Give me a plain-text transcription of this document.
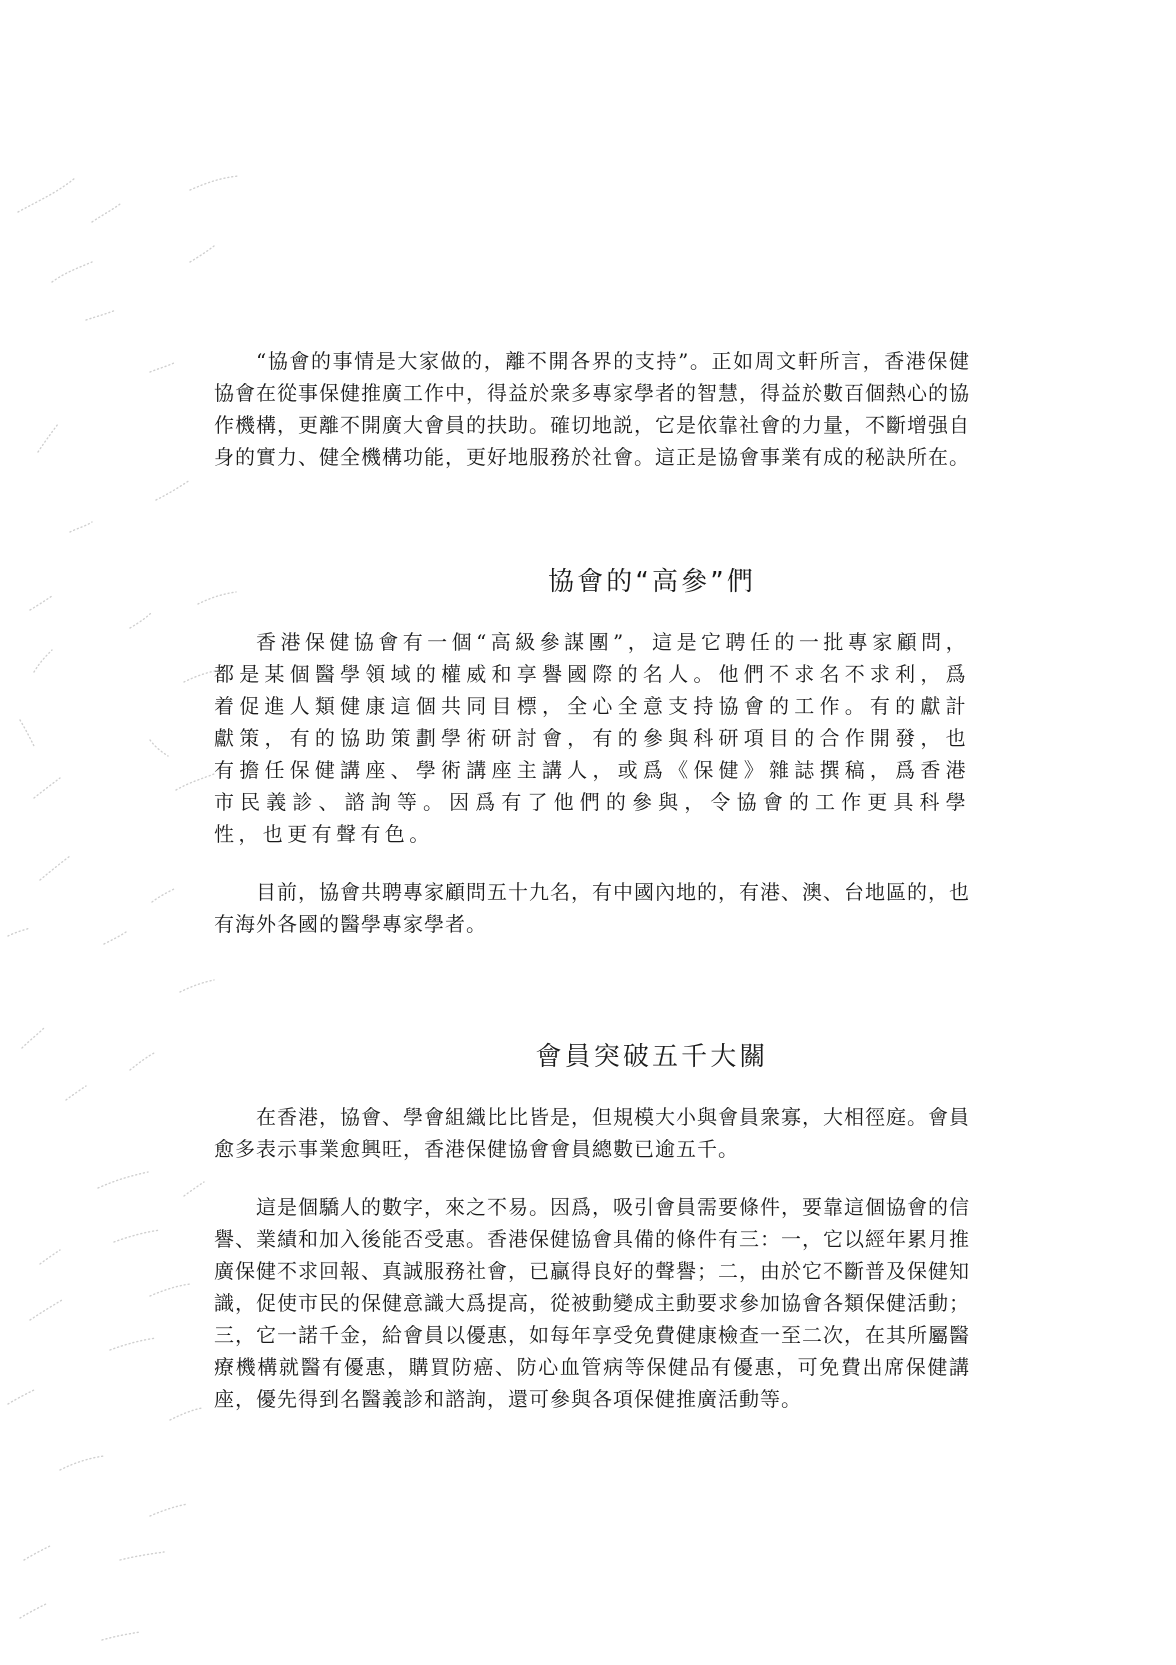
“協會的事情是大家做的，離不開各界的支持”。正如周文軒所言，香港保健協會在從事保健推廣工作中，得益於衆多專家學者的智慧，得益於數百個熱心的協作機構，更離不開廣大會員的扶助。確切地説，它是依靠社會的力量，不斷增强自身的實力、健全機構功能，更好地服務於社會。這正是協會事業有成的秘訣所在。

協會的“高參”們

香港保健協會有一個“高級參謀團”，這是它聘任的一批專家顧問，都是某個醫學領域的權威和享譽國際的名人。他們不求名不求利，爲着促進人類健康這個共同目標，全心全意支持協會的工作。有的獻計獻策，有的協助策劃學術研討會，有的參與科研項目的合作開發，也有擔任保健講座、學術講座主講人，或爲《保健》雜誌撰稿，爲香港市民義診、諮詢等。因爲有了他們的參與，令協會的工作更具科學性，也更有聲有色。

目前，協會共聘專家顧問五十九名，有中國內地的，有港、澳、台地區的，也有海外各國的醫學專家學者。

會員突破五千大關

在香港，協會、學會組織比比皆是，但規模大小與會員衆寡，大相徑庭。會員愈多表示事業愈興旺，香港保健協會會員總數已逾五千。

這是個驕人的數字，來之不易。因爲，吸引會員需要條件，要靠這個協會的信譽、業績和加入後能否受惠。香港保健協會具備的條件有三：一，它以經年累月推廣保健不求回報、真誠服務社會，已贏得良好的聲譽；二，由於它不斷普及保健知識，促使市民的保健意識大爲提高，從被動變成主動要求參加協會各類保健活動；三，它一諾千金，給會員以優惠，如每年享受免費健康檢查一至二次，在其所屬醫療機構就醫有優惠，購買防癌、防心血管病等保健品有優惠，可免費出席保健講座，優先得到名醫義診和諮詢，還可參與各項保健推廣活動等。
